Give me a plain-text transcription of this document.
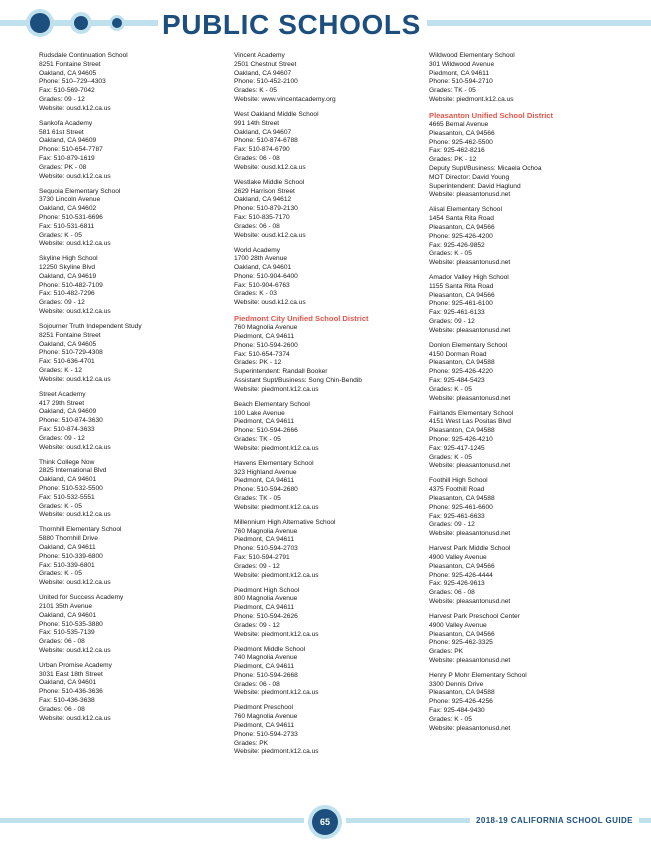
PUBLIC SCHOOLS
Rudsdale Continuation School
8251 Fontaine Street
Oakland, CA 94605
Phone: 510–729–4303
Fax: 510-569-7042
Grades: 09 - 12
Website: ousd.k12.ca.us
Sankofa Academy
581 61st Street
Oakland, CA 94609
Phone: 510-654-7787
Fax: 510-879-1619
Grades: PK - 08
Website: ousd.k12.ca.us
Sequoia Elementary School
3730 Lincoln Avenue
Oakland, CA 94602
Phone: 510-531-6696
Fax: 510-531-6811
Grades: K - 05
Website: ousd.k12.ca.us
Skyline High School
12250 Skyline Blvd
Oakland, CA 94619
Phone: 510-482-7109
Fax: 510-482-7296
Grades: 09 - 12
Website: ousd.k12.ca.us
Sojourner Truth Independent Study
8251 Fontaine Street
Oakland, CA 94605
Phone: 510-729-4308
Fax: 510-636-4701
Grades: K - 12
Website: ousd.k12.ca.us
Street Academy
417 29th Street
Oakland, CA 94609
Phone: 510-874-3630
Fax: 510-874-3633
Grades: 09 - 12
Website: ousd.k12.ca.us
Think College Now
2825 International Blvd
Oakland, CA 94601
Phone: 510-532-5500
Fax: 510-532-5551
Grades: K - 05
Website: ousd.k12.ca.us
Thornhill Elementary School
5880 Thornhill Drive
Oakland, CA 94611
Phone: 510-339-6800
Fax: 510-339-6801
Grades: K - 05
Website: ousd.k12.ca.us
United for Success Academy
2101 35th Avenue
Oakland, CA 94601
Phone: 510-535-3880
Fax: 510-535-7139
Grades: 06 - 08
Website: ousd.k12.ca.us
Urban Promise Academy
3031 East 18th Street
Oakland, CA 94601
Phone: 510-436-3636
Fax: 510-436-3638
Grades: 06 - 08
Website: ousd.k12.ca.us
Vincent Academy
2501 Chestnut Street
Oakland, CA 94607
Phone: 510-452-2100
Grades: K - 05
Website: www.vincentacademy.org
West Oakland Middle School
991 14th Street
Oakland, CA 94607
Phone: 510-874-6788
Fax: 510-874-6790
Grades: 06 - 08
Website: ousd.k12.ca.us
Westlake Middle School
2629 Harrison Street
Oakland, CA 94612
Phone: 510-879-2130
Fax: 510-835-7170
Grades: 06 - 08
Website: ousd.k12.ca.us
World Academy
1700 28th Avenue
Oakland, CA 94601
Phone: 510-904-6400
Fax: 510-904-6763
Grades: K - 03
Website: ousd.k12.ca.us
Piedmont City Unified School District
760 Magnolia Avenue
Piedmont, CA 94611
Phone: 510-594-2600
Fax: 510-654-7374
Grades: PK - 12
Superintendent: Randall Booker
Assistant Supt/Business: Song Chin-Bendib
Website: piedmont.k12.ca.us
Beach Elementary School
100 Lake Avenue
Piedmont, CA 94611
Phone: 510-594-2666
Grades: TK - 05
Website: piedmont.k12.ca.us
Havens Elementary School
323 Highland Avenue
Piedmont, CA 94611
Phone: 510-594-2680
Grades: TK - 05
Website: piedmont.k12.ca.us
Millennium High Alternative School
760 Magnolia Avenue
Piedmont, CA 94611
Phone: 510-594-2703
Fax: 510-594-2791
Grades: 09 - 12
Website: piedmont.k12.ca.us
Piedmont High School
800 Magnolia Avenue
Piedmont, CA 94611
Phone: 510-594-2626
Grades: 09 - 12
Website: piedmont.k12.ca.us
Piedmont Middle School
740 Magnolia Avenue
Piedmont, CA 94611
Phone: 510-594-2668
Grades: 06 - 08
Website: piedmont.k12.ca.us
Piedmont Preschool
760 Magnolia Avenue
Piedmont, CA 94611
Phone: 510-594-2733
Grades: PK
Website: piedmont.k12.ca.us
Wildwood Elementary School
301 Wildwood Avenue
Piedmont, CA 94611
Phone: 510-594-2710
Grades: TK - 05
Website: piedmont.k12.ca.us
Pleasanton Unified School District
4665 Bernal Avenue
Pleasanton, CA 94566
Phone: 925-462-5500
Fax: 925-462-8216
Grades: PK - 12
Deputy Supt/Business: Micaela Ochoa
MOT Director: David Young
Superintendent: David Haglund
Website: pleasantonusd.net
Alisal Elementary School
1454 Santa Rita Road
Pleasanton, CA 94566
Phone: 925-426-4200
Fax: 925-426-9852
Grades: K - 05
Website: pleasantonusd.net
Amador Valley High School
1155 Santa Rita Road
Pleasanton, CA 94566
Phone: 925-461-6100
Fax: 925-461-6133
Grades: 09 - 12
Website: pleasantonusd.net
Donlon Elementary School
4150 Dorman Road
Pleasanton, CA 94588
Phone: 925-426-4220
Fax: 925-484-5423
Grades: K - 05
Website: pleasantonusd.net
Fairlands Elementary School
4151 West Las Positas Blvd
Pleasanton, CA 94588
Phone: 925-426-4210
Fax: 925-417-1245
Grades: K - 05
Website: pleasantonusd.net
Foothill High School
4375 Foothill Road
Pleasanton, CA 94588
Phone: 925-461-6600
Fax: 925-461-6633
Grades: 09 - 12
Website: pleasantonusd.net
Harvest Park Middle School
4900 Valley Avenue
Pleasanton, CA 94566
Phone: 925-426-4444
Fax: 925-426-9613
Grades: 06 - 08
Website: pleasantonusd.net
Harvest Park Preschool Center
4900 Valley Avenue
Pleasanton, CA 94566
Phone: 925-462-3325
Grades: PK
Website: pleasantonusd.net
Henry P Mohr Elementary School
3300 Dennis Drive
Pleasanton, CA 94588
Phone: 925-426-4256
Fax: 925-484-9430
Grades: K - 05
Website: pleasantonusd.net
65	2018-19 CALIFORNIA SCHOOL GUIDE
